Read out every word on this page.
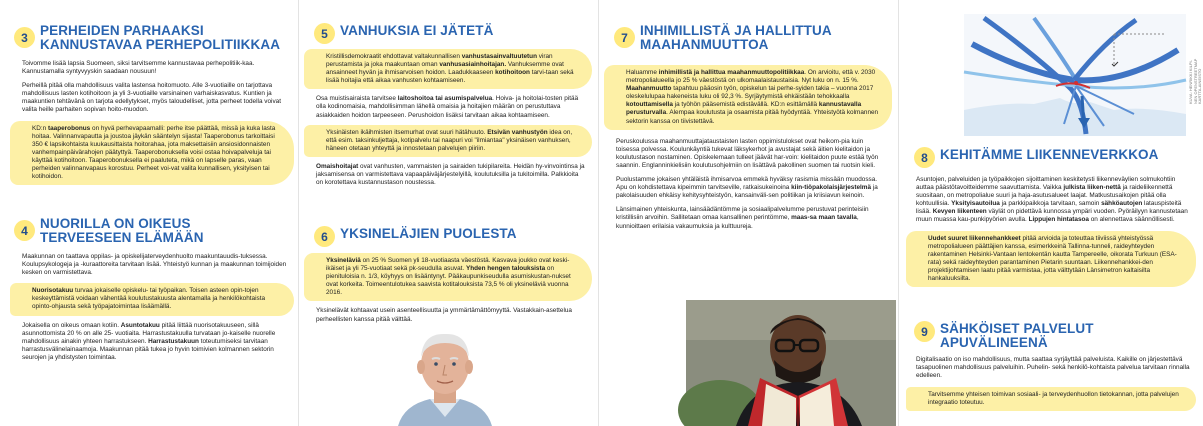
3 PERHEIDEN PARHAAKSI
KANNUSTAVAA PERHEPOLITIIKKAA

Toivomme lisää lapsia Suomeen, siksi tarvitsemme kannustavaa perhepolitiik-kaa. Kannustamalla syntyvyyskin saadaan nousuun!

Perheillä pitää olla mahdollisuus valita lastensa hoitomuoto. Alle 3-vuotiaille on tarjottava mahdollisuus lasten kotihoitoon ja yli 3-vuotiaille varsinainen varhaiskasvatus. Kuntien ja maakuntien tehtävänä on tarjota edellytykset, myös taloudelliset, jotta perheet todella voivat valita heille parhaiten sopivan hoito-muodon.

KD:n taaperobonus on hyvä perhevapaamalli: perhe itse päättää, missä ja kuka lasta hoitaa. Valinnanvapautta ja joustoa jäykän sääntelyn sijasta! Taaperobonus tarkoittaisi 350 € lapsikohtaista kuukausittaista hoitorahaa, jota maksettaisiin ansiosidonnaisten vanhempainpäivärahojen päätyttyä. Taaperobonuksella voisi ostaa hoivapalveluja tai käyttää kotihoitoon. Taaperobonuksella ei paaluteta, mikä on lapselle paras, vaan perheiden valinnanvapaus korostuu. Perheet voi-vat valita kunnallisen, yksityisen tai kotihoidon.
4 NUORILLA ON OIKEUS
TERVEESEEN ELÄMÄÄN

Maakunnan on taattava oppilas- ja opiskelijaterveydenhuolto maakuntauudis-tuksessa. Koulupsykologeja ja -kuraattoreita tarvitaan lisää. Yhteistyö kunnan ja maakunnan toimijoiden kesken on varmistettava.

Nuorisotakuu turvaa jokaiselle opiskelu- tai työpaikan. Toisen asteen opin-tojen keskeyttämistä voidaan vähentää koulutustakuusta alentamalla ja henkilökohtaista opinto-ohjausta sekä työpajatoimintaa lisäämällä.

Jokaisella on oikeus omaan kotiin. Asuntotakuu pitää liittää nuorisotakuuseen, sillä asunnottomista 20 % on alle 25- vuotiaita. Harrastustakuulla turvataan jo-kaiselle nuorelle mahdollisuus ainakin yhteen harrastukseen. Harrastustakuun toteutumiseksi tarvitaan harrastusvälinelainaamoja. Maakunnan pitää tukea jo hyvin toimivien kolmannen sektorin seurojen ja yhdistysten toimintaa.

5 VANHUKSIA EI JÄTETÄ
Kristillisdemokraatit ehdottavat valtakunnallisen vanhustasainvaltuutetun viran perustamista ja joka maakuntaan oman vanhusasiainhoitajan. Vanhuksemme ovat ansainneet hyvän ja ihmisarvoisen hoidon. Laadukkaaseen kotihoitoon tarvi-taan sekä lisää hoitajia että aikaa vanhusten kohtaamiseen.

Osa muistisairaista tarvitsee laitoshoitoa tai asumispalvelua. Hoiva- ja hoitolai-tosten pitää olla kodinomaisia, mahdollisimman lähellä omaisia ja hoitajien määrän on perustuttava asiakkaiden hoidon tarpeeseen. Perushoidon lisäksi tarvitaan aikaa kohtaamiseen.

Yksinäisten ikäihmisten itsemurhat ovat suuri hätähuuto. Etsivän vanhustyön idea on, että esim. taksinkuljettaja, kotipalvelu tai naapuri voi "ilmiantaa" yksinäisen vanhuksen, häneen otetaan yhteyttä ja innostetaan palvelujen piiriin.

Omaishoitajat ovat vanhusten, vammaisten ja sairaiden tukipilareita. Heidän hy-vinvointinsa ja jaksamisensa on varmistettava vapaapäiväjärjestelyillä, koulutuksilla ja tukitoimilla. Palkkioita on korotettava kustannustason noustessa.

6 YKSINELÄJIEN PUOLESTA
Yksineläviä on 25 % Suomen yli 18-vuotiaasta väestöstä. Kasvava joukko ovat keski-ikäiset ja yli 75-vuotiaat sekä pk-seudulla asuvat. Yhden hengen talouksista on pienituloisia n. 1/3, köyhyys on lisääntynyt. Pääkaupunkiseudulla asumiskustan-nukset ovat korkeita. Toimeentulotukea saavista kotitalouksista 73,5 % oli yksineläviä vuonna 2016.

Yksinelävät kohtaavat usein asenteellisuutta ja ymmärtämättömyyttä. Vastakkain-asettelua perheellisten kanssa pitää välttää.

7 INHIMILLISTÄ JA HALLITTUA
MAAHANMUUTTOA
Haluamme inhimillistä ja hallittua maahanmuuttopolitiikkaa. On arvioitu, että v. 2030 metropolialueella jo 25 % väestöstä on ulkomaalaistaustaisia. Nyt luku on n. 15 %. Maahanmuutto tapahtuu pääosin työn, opiskelun tai perhe-syiden takia – vuonna 2017 oleskelulupaa hakeneista luku oli 92,3 %. Syrjäytymistä ehkäistään tehokkaalla kotouttamisella ja työhön pääsemistä edistävällä. KD:n esittämällä kannustavalla perusturvalla. Alempaa koulutusta ja osaamista pitää hyödyntää. Yhteistyötä kolmannen sektorin kanssa on tiivistettävä.

Peruskoulussa maahanmuuttajataustaisten lasten oppimistulokset ovat heikom-pia kuin toisessa polvessa. Koulunkäyntiä tukevat läksykerhot ja avustajat sekä äitien kielitaidon ja koulutustason nostaminen. Opiskelemaan tulleet jäävät har-voin: kielitaidon puute estää työn saannin. Englanninkielisiin koulutusohjelmiin on lisättävä pakollinen suomen tai ruotsin kieli.

Puolustamme jokaisen yhtäläistä ihmisarvoa emmekä hyväksy rasismia missään muodossa. Apu on kohdistettava kipeimmin tarvitseville, ratkaisukeinoina kiin-tiöpakolaisjärjestelmä ja pakolaisuuden ehkäisy kehitysyhteistyön, kansainväli-sen politiikan ja kriisiavun keinoin.

Länsimainen yhteiskunta, lainsäädäntömme ja sosiaalipalvelumme perustuvat perinteisiin kristillisiin arvoihin. Sallitetaan omaa kansallinen perintömme, maas-sa maan tavalla, kunnioittaen erilaisia vakaumuksia ja kulttuureja.

8 KEHITÄMME LIIKENNEVERKKOA

Asuntojen, palveluiden ja työpaikkojen sijoittaminen keskitetysti liikenneväylien solmukohtiin auttaa päästötavoitteidemme saavuttamista. Vaikka julkista liiken-nettä ja raideliikennettä suositaan, on metropolialue suuri ja haja-asutusalueet laajat. Matkustusaikojen pitää olla kohtuullisia. Yksityisautoilua ja parkkipaikkoja tarvitaan, samoin sähköautojen latauspisteitä lisää. Kevyen liikenteen väylät on pidettävä kunnossa ympäri vuoden. Pyöräilyyn kannustetaan muun muassa kau-punkipyörien avulla. Lippujen hintatasoa on alennettava säännöllisesti.

Uudet suuret liikennehankkeet pitää arvioida ja toteuttaa tiiviissä yhteistyössä metropolialueen päättäjien kanssa, esimerkkeinä Tallinna-tunneli, raideyhteyden rakentaminen Helsinki-Vantaan lentokentän kautta Tampereelle, oikorata Turkuun (ESA-rata) sekä raideyhteyden parantaminen Pietarin suuntaan. Liikennehankkei-den projektijohtamisen laatu pitää varmistaa, jotta välttytään Länsimetron kaltaisilta hankaluuksilta.
9 SÄHKÖISET PALVELUT APUVÄLINEENÄ

Digitalisaatio on iso mahdollisuus, mutta saattaa syrjäyttää palveluista. Kaikille on järjestettävä tasapuolinen mahdollisuus palveluihin. Puhelin- sekä henkilö-kohtaista palvelua tarvitaan rinnalla edelleen.

Tarvitsemme yhteisen toimivan sosiaali- ja terveydenhuollon tietokannan, jotta palvelujen integraatio toteutuu.
KUVA: HENRIKKI KILPI- NEN OPENSTREETMAP KARTTA-AINEISTO
